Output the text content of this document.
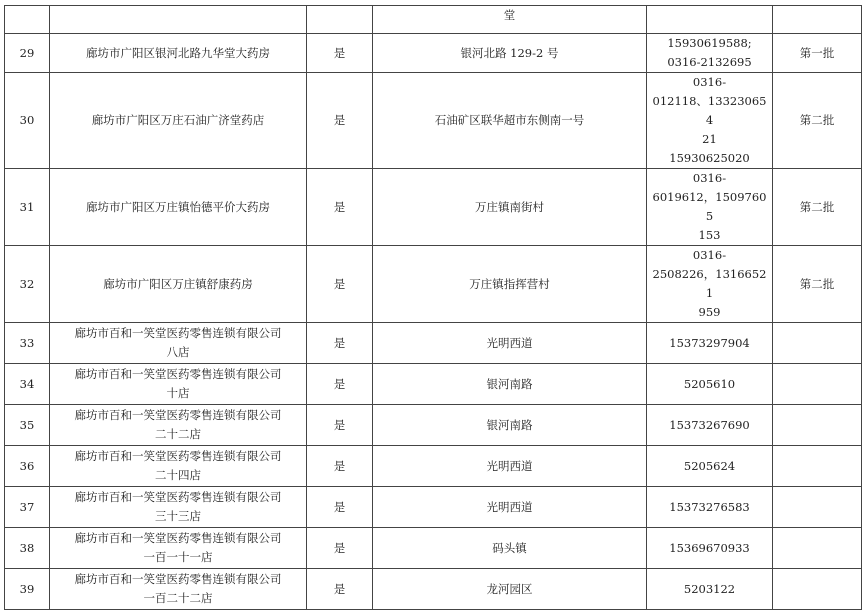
			堂		
29	廊坊市广阳区银河北路九华堂大药房	是	银河北路 129-2 号	15930619588;
0316-2132695	第一批
30	廊坊市广阳区万庄石油广济堂药店	是	石油矿区联华超市东侧南一号	0316-
012118、133230654
21
15930625020	第二批
31	廊坊市广阳区万庄镇怡德平价大药房	是	万庄镇南街村	0316-
6019612，15097605
153	第二批
32	廊坊市广阳区万庄镇舒康药房	是	万庄镇指挥营村	0316-
2508226，13166521
959	第二批
33	廊坊市百和一笑堂医药零售连锁有限公司
八店	是	光明西道	15373297904	

34	廊坊市百和一笑堂医药零售连锁有限公司
十店	是	银河南路	5205610	

35	廊坊市百和一笑堂医药零售连锁有限公司
二十二店	是	银河南路	15373267690	

36	廊坊市百和一笑堂医药零售连锁有限公司
二十四店	是	光明西道	5205624	

37	廊坊市百和一笑堂医药零售连锁有限公司
三十三店	是	光明西道	15373276583	

38	廊坊市百和一笑堂医药零售连锁有限公司
一百一十一店	是	码头镇	15369670933	

39	廊坊市百和一笑堂医药零售连锁有限公司
一百二十二店	是	龙河园区	5203122	
